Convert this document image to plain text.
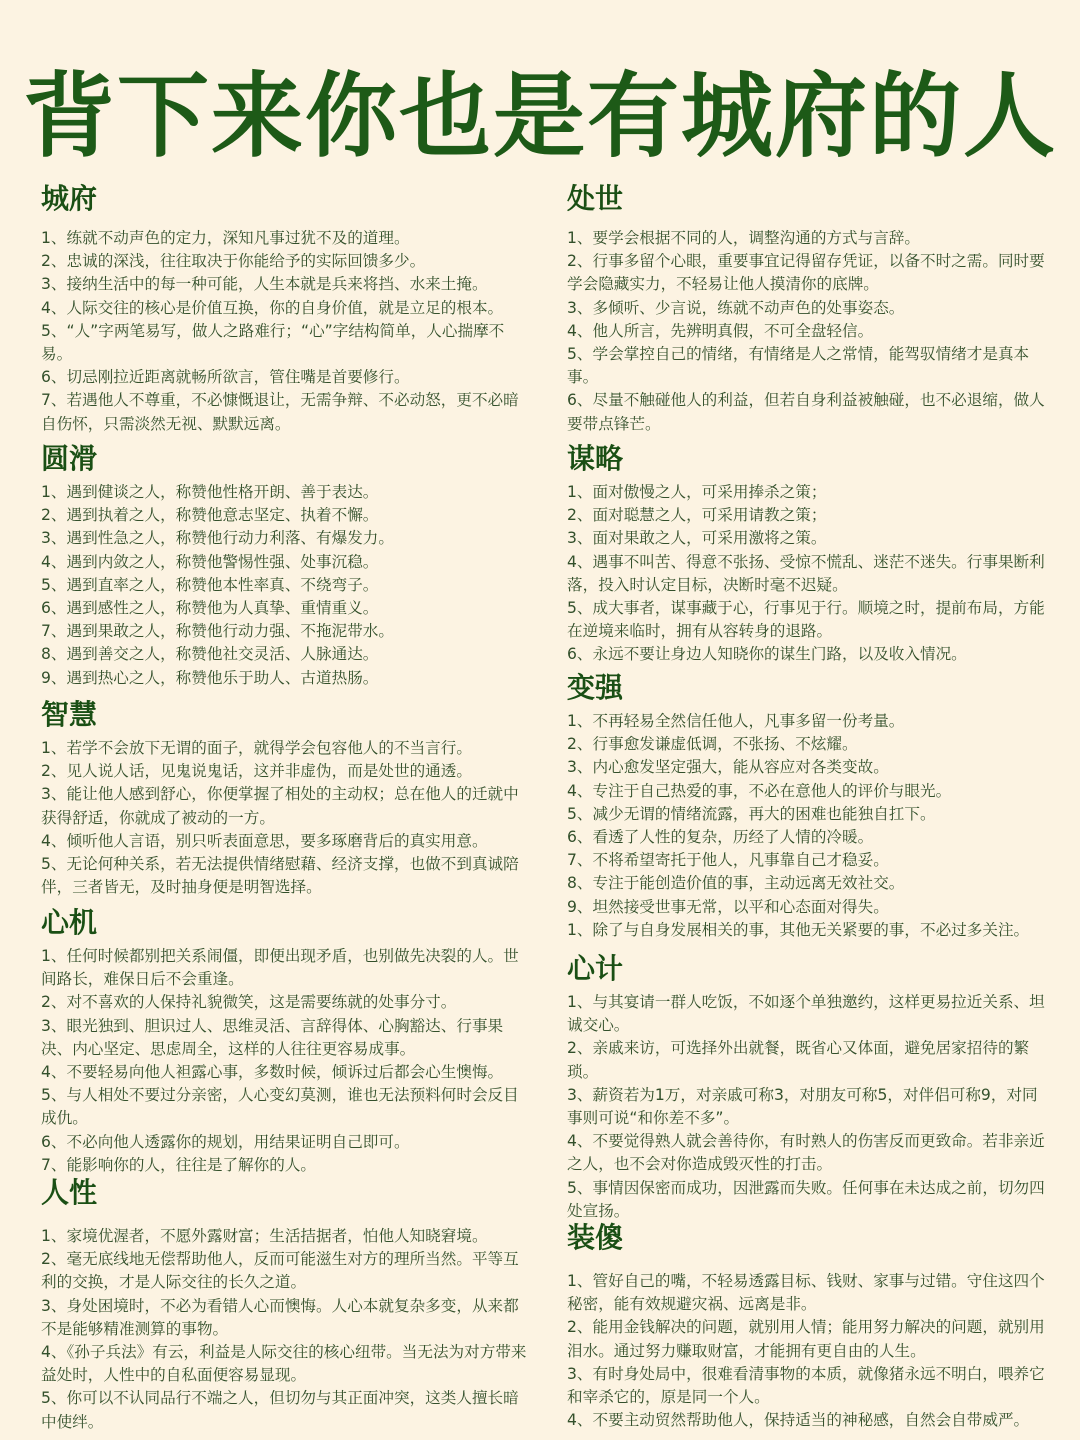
背下来你也是有城府的人
城府

1、练就不动声色的定力，深知凡事过犹不及的道理。

2、忠诚的深浅，往往取决于你能给予的实际回馈多少。

3、接纳生活中的每一种可能，人生本就是兵来将挡、水来土掩。

4、人际交往的核心是价值互换，你的自身价值，就是立足的根本。

5、“人”字两笔易写，做人之路难行；“心”字结构简单，人心揣摩不易。

6、切忌刚拉近距离就畅所欲言，管住嘴是首要修行。

7、若遇他人不尊重，不必慷慨退让，无需争辩、不必动怒，更不必暗自伤怀，只需淡然无视、默默远离。

圆滑

1、遇到健谈之人，称赞他性格开朗、善于表达。

2、遇到执着之人，称赞他意志坚定、执着不懈。

3、遇到性急之人，称赞他行动力利落、有爆发力。

4、遇到内敛之人，称赞他警惕性强、处事沉稳。

5、遇到直率之人，称赞他本性率真、不绕弯子。

6、遇到感性之人，称赞他为人真挚、重情重义。

7、遇到果敢之人，称赞他行动力强、不拖泥带水。

8、遇到善交之人，称赞他社交灵活、人脉通达。

9、遇到热心之人，称赞他乐于助人、古道热肠。

智慧

1、若学不会放下无谓的面子，就得学会包容他人的不当言行。

2、见人说人话，见鬼说鬼话，这并非虚伪，而是处世的通透。

3、能让他人感到舒心，你便掌握了相处的主动权；总在他人的迁就中获得舒适，你就成了被动的一方。

4、倾听他人言语，别只听表面意思，要多琢磨背后的真实用意。

5、无论何种关系，若无法提供情绪慰藉、经济支撑，也做不到真诚陪伴，三者皆无，及时抽身便是明智选择。

心机

1、任何时候都别把关系闹僵，即便出现矛盾，也别做先决裂的人。世间路长，难保日后不会重逢。

2、对不喜欢的人保持礼貌微笑，这是需要练就的处事分寸。

3、眼光独到、胆识过人、思维灵活、言辞得体、心胸豁达、行事果决、内心坚定、思虑周全，这样的人往往更容易成事。

4、不要轻易向他人袒露心事，多数时候，倾诉过后都会心生懊悔。

5、与人相处不要过分亲密，人心变幻莫测，谁也无法预料何时会反目成仇。

6、不必向他人透露你的规划，用结果证明自己即可。

7、能影响你的人，往往是了解你的人。

人性

1、家境优渥者，不愿外露财富；生活拮据者，怕他人知晓窘境。

2、毫无底线地无偿帮助他人，反而可能滋生对方的理所当然。平等互利的交换，才是人际交往的长久之道。

3、身处困境时，不必为看错人心而懊悔。人心本就复杂多变，从来都不是能够精准测算的事物。

4、《孙子兵法》有云，利益是人际交往的核心纽带。当无法为对方带来益处时，人性中的自私面便容易显现。

5、你可以不认同品行不端之人，但切勿与其正面冲突，这类人擅长暗中使绊。

处世

1、要学会根据不同的人，调整沟通的方式与言辞。

2、行事多留个心眼，重要事宜记得留存凭证，以备不时之需。同时要学会隐藏实力，不轻易让他人摸清你的底牌。

3、多倾听、少言说，练就不动声色的处事姿态。

4、他人所言，先辨明真假，不可全盘轻信。

5、学会掌控自己的情绪，有情绪是人之常情，能驾驭情绪才是真本事。

6、尽量不触碰他人的利益，但若自身利益被触碰，也不必退缩，做人要带点锋芒。

谋略

1、面对傲慢之人，可采用捧杀之策；

2、面对聪慧之人，可采用请教之策；

3、面对果敢之人，可采用激将之策。

4、遇事不叫苦、得意不张扬、受惊不慌乱、迷茫不迷失。行事果断利落，投入时认定目标，决断时毫不迟疑。

5、成大事者，谋事藏于心，行事见于行。顺境之时，提前布局，方能在逆境来临时，拥有从容转身的退路。

6、永远不要让身边人知晓你的谋生门路，以及收入情况。

变强

1、不再轻易全然信任他人，凡事多留一份考量。

2、行事愈发谦虚低调，不张扬、不炫耀。

3、内心愈发坚定强大，能从容应对各类变故。

4、专注于自己热爱的事，不必在意他人的评价与眼光。

5、减少无谓的情绪流露，再大的困难也能独自扛下。

6、看透了人性的复杂，历经了人情的冷暖。

7、不将希望寄托于他人，凡事靠自己才稳妥。

8、专注于能创造价值的事，主动远离无效社交。

9、坦然接受世事无常，以平和心态面对得失。

1、除了与自身发展相关的事，其他无关紧要的事，不必过多关注。

心计

1、与其宴请一群人吃饭，不如逐个单独邀约，这样更易拉近关系、坦诚交心。

2、亲戚来访，可选择外出就餐，既省心又体面，避免居家招待的繁琐。

3、薪资若为1万，对亲戚可称3，对朋友可称5，对伴侣可称9，对同事则可说“和你差不多”。

4、不要觉得熟人就会善待你，有时熟人的伤害反而更致命。若非亲近之人，也不会对你造成毁灭性的打击。

5、事情因保密而成功，因泄露而失败。任何事在未达成之前，切勿四处宣扬。

装傻

1、管好自己的嘴，不轻易透露目标、钱财、家事与过错。守住这四个秘密，能有效规避灾祸、远离是非。

2、能用金钱解决的问题，就别用人情；能用努力解决的问题，就别用泪水。通过努力赚取财富，才能拥有更自由的人生。

3、有时身处局中，很难看清事物的本质，就像猪永远不明白，喂养它和宰杀它的，原是同一个人。

4、不要主动贸然帮助他人，保持适当的神秘感，自然会自带威严。
